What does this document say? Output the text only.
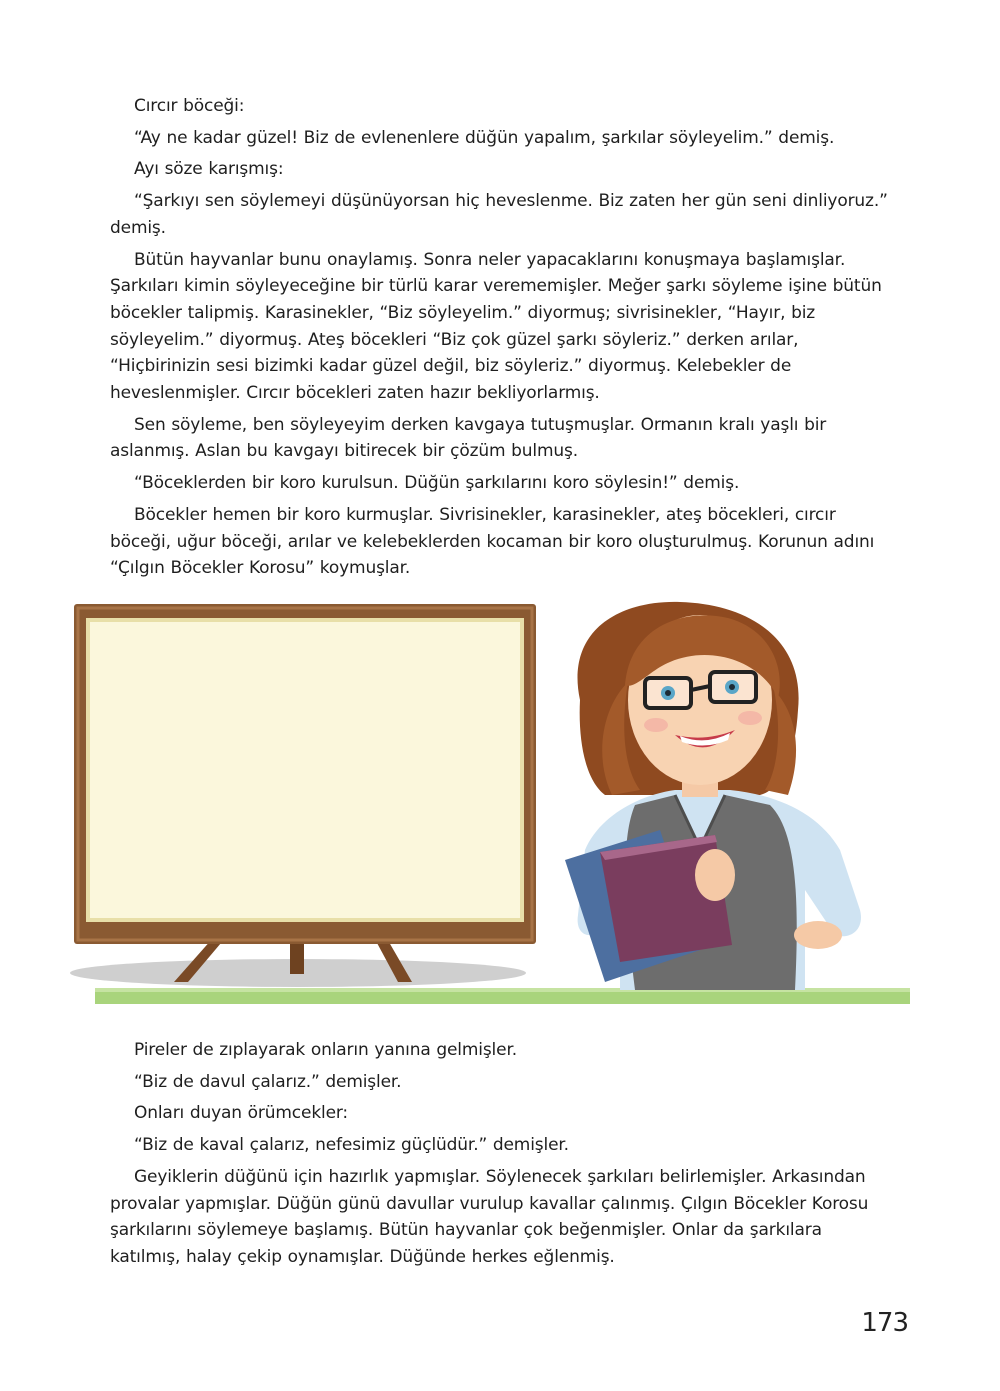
Cırcır böceği:

“Ay ne kadar güzel! Biz de evlenenlere düğün yapalım, şarkılar söyleyelim.” demiş.

Ayı söze karışmış:

“Şarkıyı sen söylemeyi düşünüyorsan hiç heveslenme. Biz zaten her gün seni dinliyoruz.” demiş.

Bütün hayvanlar bunu onaylamış. Sonra neler yapacaklarını konuşmaya başlamışlar. Şarkıları kimin söyleyeceğine bir türlü karar verememişler. Meğer şarkı söyleme işine bütün böcekler talipmiş. Karasinekler, “Biz söyleyelim.” diyormuş; sivrisinekler, “Hayır, biz söyleyelim.” diyormuş. Ateş böcekleri “Biz çok güzel şarkı söyleriz.” derken arılar, “Hiçbirinizin sesi bizimki kadar güzel değil, biz söyleriz.” diyormuş. Kelebekler de heveslenmişler. Cırcır böcekleri zaten hazır bekliyorlarmış.

Sen söyleme, ben söyleyeyim derken kavgaya tutuşmuşlar. Ormanın kralı yaşlı bir aslanmış. Aslan bu kavgayı bitirecek bir çözüm bulmuş.

“Böceklerden bir koro kurulsun. Düğün şarkılarını koro söylesin!” demiş.

Böcekler hemen bir koro kurmuşlar. Sivrisinekler, karasinekler, ateş böcekleri, cırcır böceği, uğur böceği, arılar ve kelebeklerden kocaman bir koro oluşturulmuş. Korunun adını “Çılgın Böcekler Korosu” koymuşlar.

Pireler de zıplayarak onların yanına gelmişler.

“Biz de davul çalarız.” demişler.

Onları duyan örümcekler:

“Biz de kaval çalarız, nefesimiz güçlüdür.” demişler.

Geyiklerin düğünü için hazırlık yapmışlar. Söylenecek şarkıları belirlemişler. Arkasından provalar yapmışlar. Düğün günü davullar vurulup kavallar çalınmış. Çılgın Böcekler Korosu şarkılarını söylemeye başlamış. Bütün hayvanlar çok beğenmişler. Onlar da şarkılara katılmış, halay çekip oynamışlar. Düğünde herkes eğlenmiş.

173
